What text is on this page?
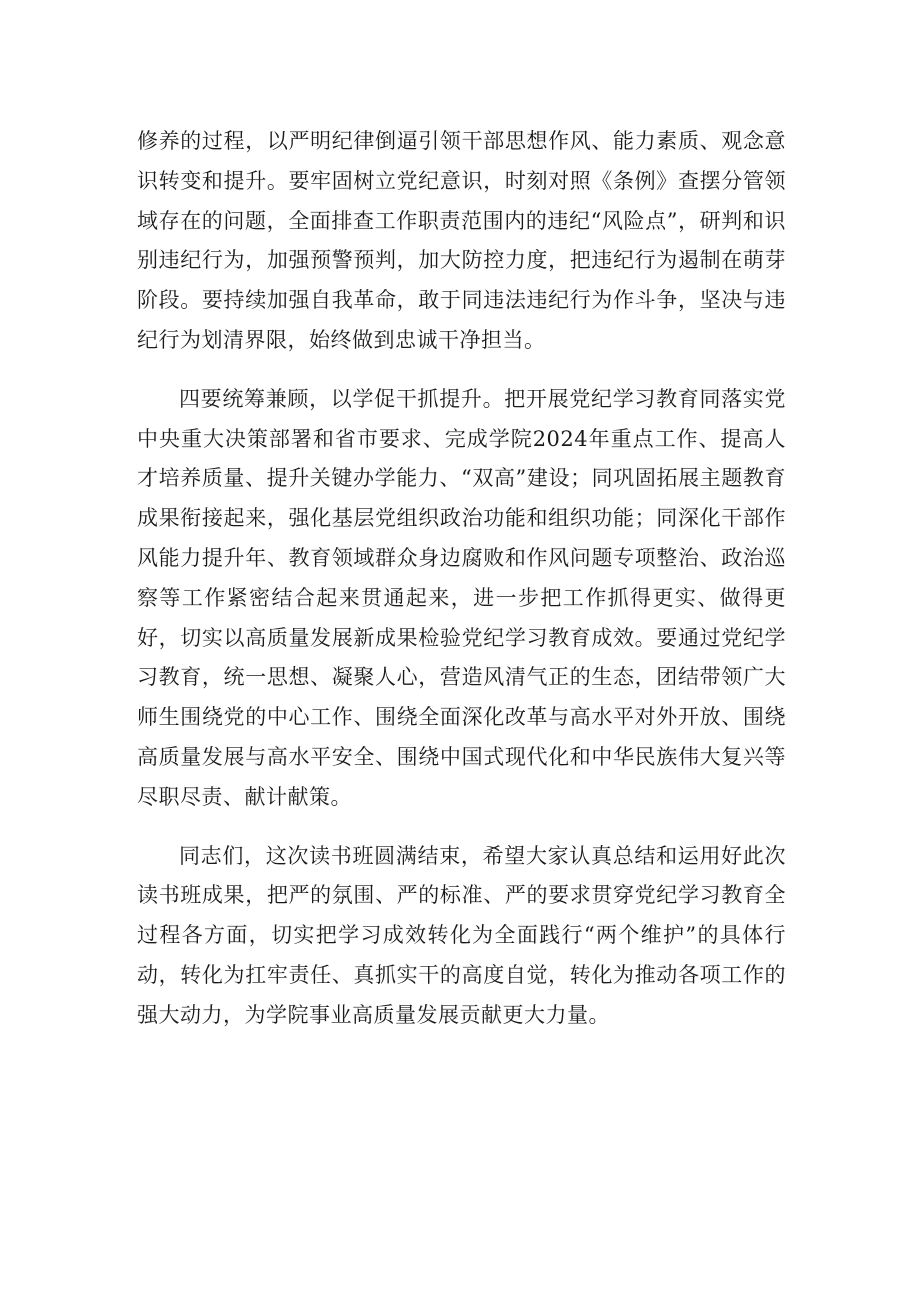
修养的过程，以严明纪律倒逼引领干部思想作风、能力素质、观念意识转变和提升。要牢固树立党纪意识，时刻对照《条例》查摆分管领域存在的问题，全面排查工作职责范围内的违纪“风险点”，研判和识别违纪行为，加强预警预判，加大防控力度，把违纪行为遏制在萌芽阶段。要持续加强自我革命，敢于同违法违纪行为作斗争，坚决与违纪行为划清界限，始终做到忠诚干净担当。

四要统筹兼顾，以学促干抓提升。把开展党纪学习教育同落实党中央重大决策部署和省市要求、完成学院2024年重点工作、提高人才培养质量、提升关键办学能力、“双高”建设；同巩固拓展主题教育成果衔接起来，强化基层党组织政治功能和组织功能；同深化干部作风能力提升年、教育领域群众身边腐败和作风问题专项整治、政治巡察等工作紧密结合起来贯通起来，进一步把工作抓得更实、做得更好，切实以高质量发展新成果检验党纪学习教育成效。要通过党纪学习教育，统一思想、凝聚人心，营造风清气正的生态，团结带领广大师生围绕党的中心工作、围绕全面深化改革与高水平对外开放、围绕高质量发展与高水平安全、围绕中国式现代化和中华民族伟大复兴等尽职尽责、献计献策。

同志们，这次读书班圆满结束，希望大家认真总结和运用好此次读书班成果，把严的氛围、严的标准、严的要求贯穿党纪学习教育全过程各方面，切实把学习成效转化为全面践行“两个维护”的具体行动，转化为扛牢责任、真抓实干的高度自觉，转化为推动各项工作的强大动力，为学院事业高质量发展贡献更大力量。
